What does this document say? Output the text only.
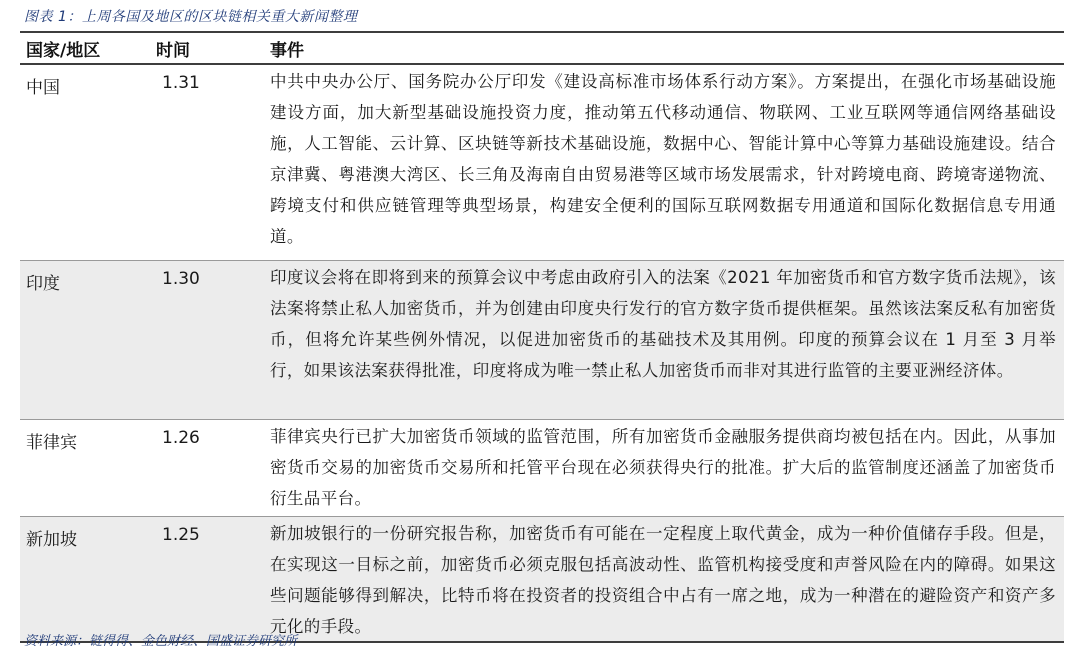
图表 1：上周各国及地区的区块链相关重大新闻整理
国家/地区	时间	事件
中国	1.31	中共中央办公厅、国务院办公厅印发《建设高标准市场体系行动方案》。方案提出，在强化市场基础设施建设方面，加大新型基础设施投资力度，推动第五代移动通信、物联网、工业互联网等通信网络基础设施，人工智能、云计算、区块链等新技术基础设施，数据中心、智能计算中心等算力基础设施建设。结合京津冀、粤港澳大湾区、长三角及海南自由贸易港等区域市场发展需求，针对跨境电商、跨境寄递物流、跨境支付和供应链管理等典型场景，构建安全便利的国际互联网数据专用通道和国际化数据信息专用通道。
印度	1.30	印度议会将在即将到来的预算会议中考虑由政府引入的法案《2021 年加密货币和官方数字货币法规》，该法案将禁止私人加密货币，并为创建由印度央行发行的官方数字货币提供框架。虽然该法案反私有加密货币，但将允许某些例外情况，以促进加密货币的基础技术及其用例。印度的预算会议在 1 月至 3 月举行，如果该法案获得批准，印度将成为唯一禁止私人加密货币而非对其进行监管的主要亚洲经济体。
菲律宾	1.26	菲律宾央行已扩大加密货币领域的监管范围，所有加密货币金融服务提供商均被包括在内。因此，从事加密货币交易的加密货币交易所和托管平台现在必须获得央行的批准。扩大后的监管制度还涵盖了加密货币衍生品平台。
新加坡	1.25	新加坡银行的一份研究报告称，加密货币有可能在一定程度上取代黄金，成为一种价值储存手段。但是，在实现这一目标之前，加密货币必须克服包括高波动性、监管机构接受度和声誉风险在内的障碍。如果这些问题能够得到解决，比特币将在投资者的投资组合中占有一席之地，成为一种潜在的避险资产和资产多元化的手段。
资料来源：链得得、金色财经、国盛证券研究所
